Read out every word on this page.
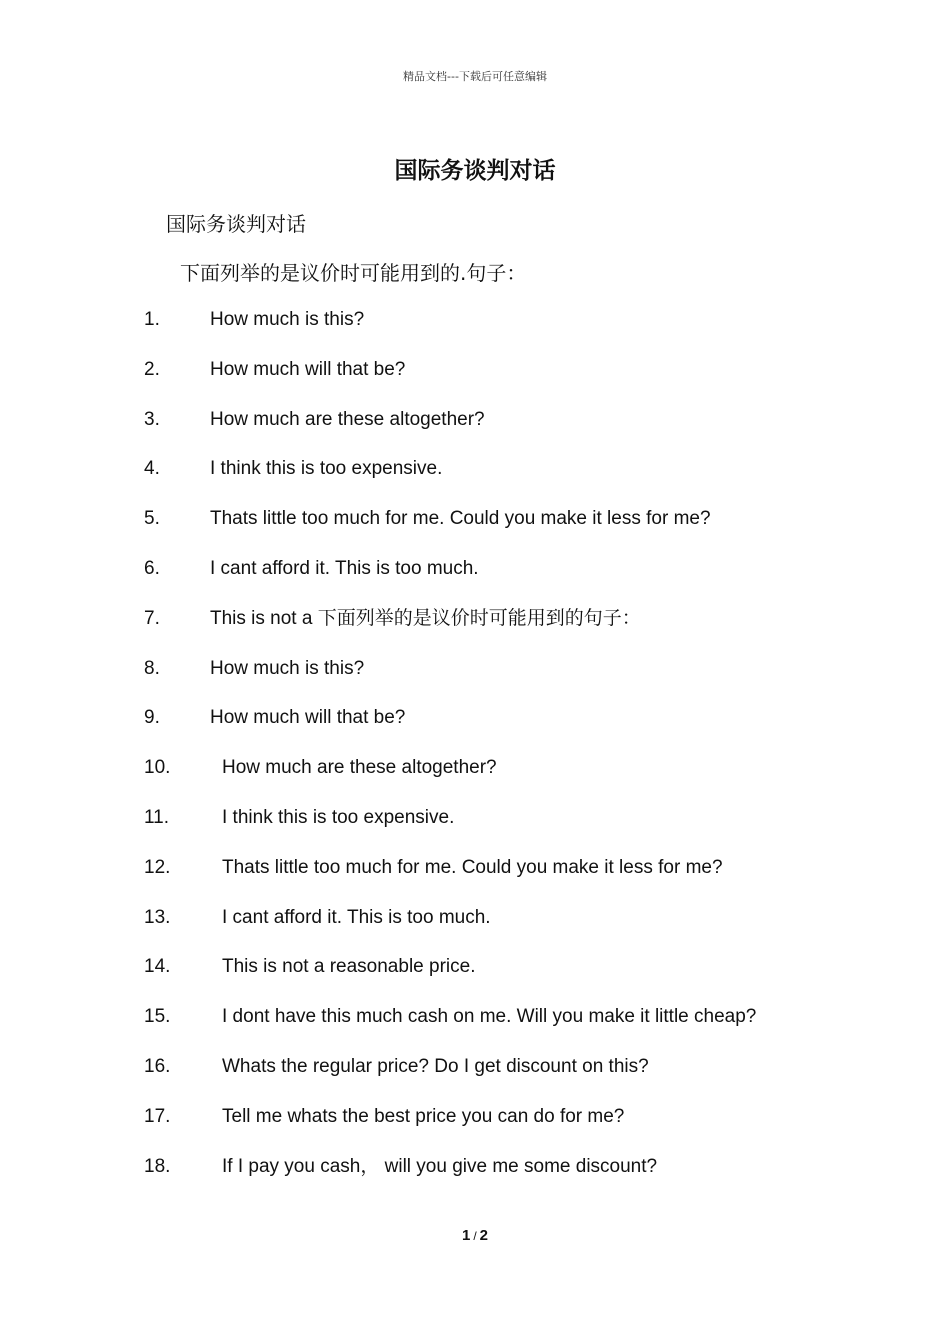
精品文档---下载后可任意编辑
国际务谈判对话
国际务谈判对话
下面列举的是议价时可能用到的.句子：
1.	How much is this?
2.	How much will that be?
3.	How much are these altogether?
4.	I think this is too expensive.
5.	Thats little too much for me. Could you make it less for me?
6.	I cant afford it. This is too much.
7.	This is not a 下面列举的是议价时可能用到的句子：
8.	How much is this?
9.	How much will that be?
10.	How much are these altogether?
11.	I think this is too expensive.
12.	Thats little too much for me. Could you make it less for me?
13.	I cant afford it. This is too much.
14.	This is not a reasonable price.
15.	I dont have this much cash on me. Will you make it little cheap?
16.	Whats the regular price? Do I get discount on this?
17.	Tell me whats the best price you can do for me?
18.	If I pay you cash， will you give me some discount?
1 / 2
